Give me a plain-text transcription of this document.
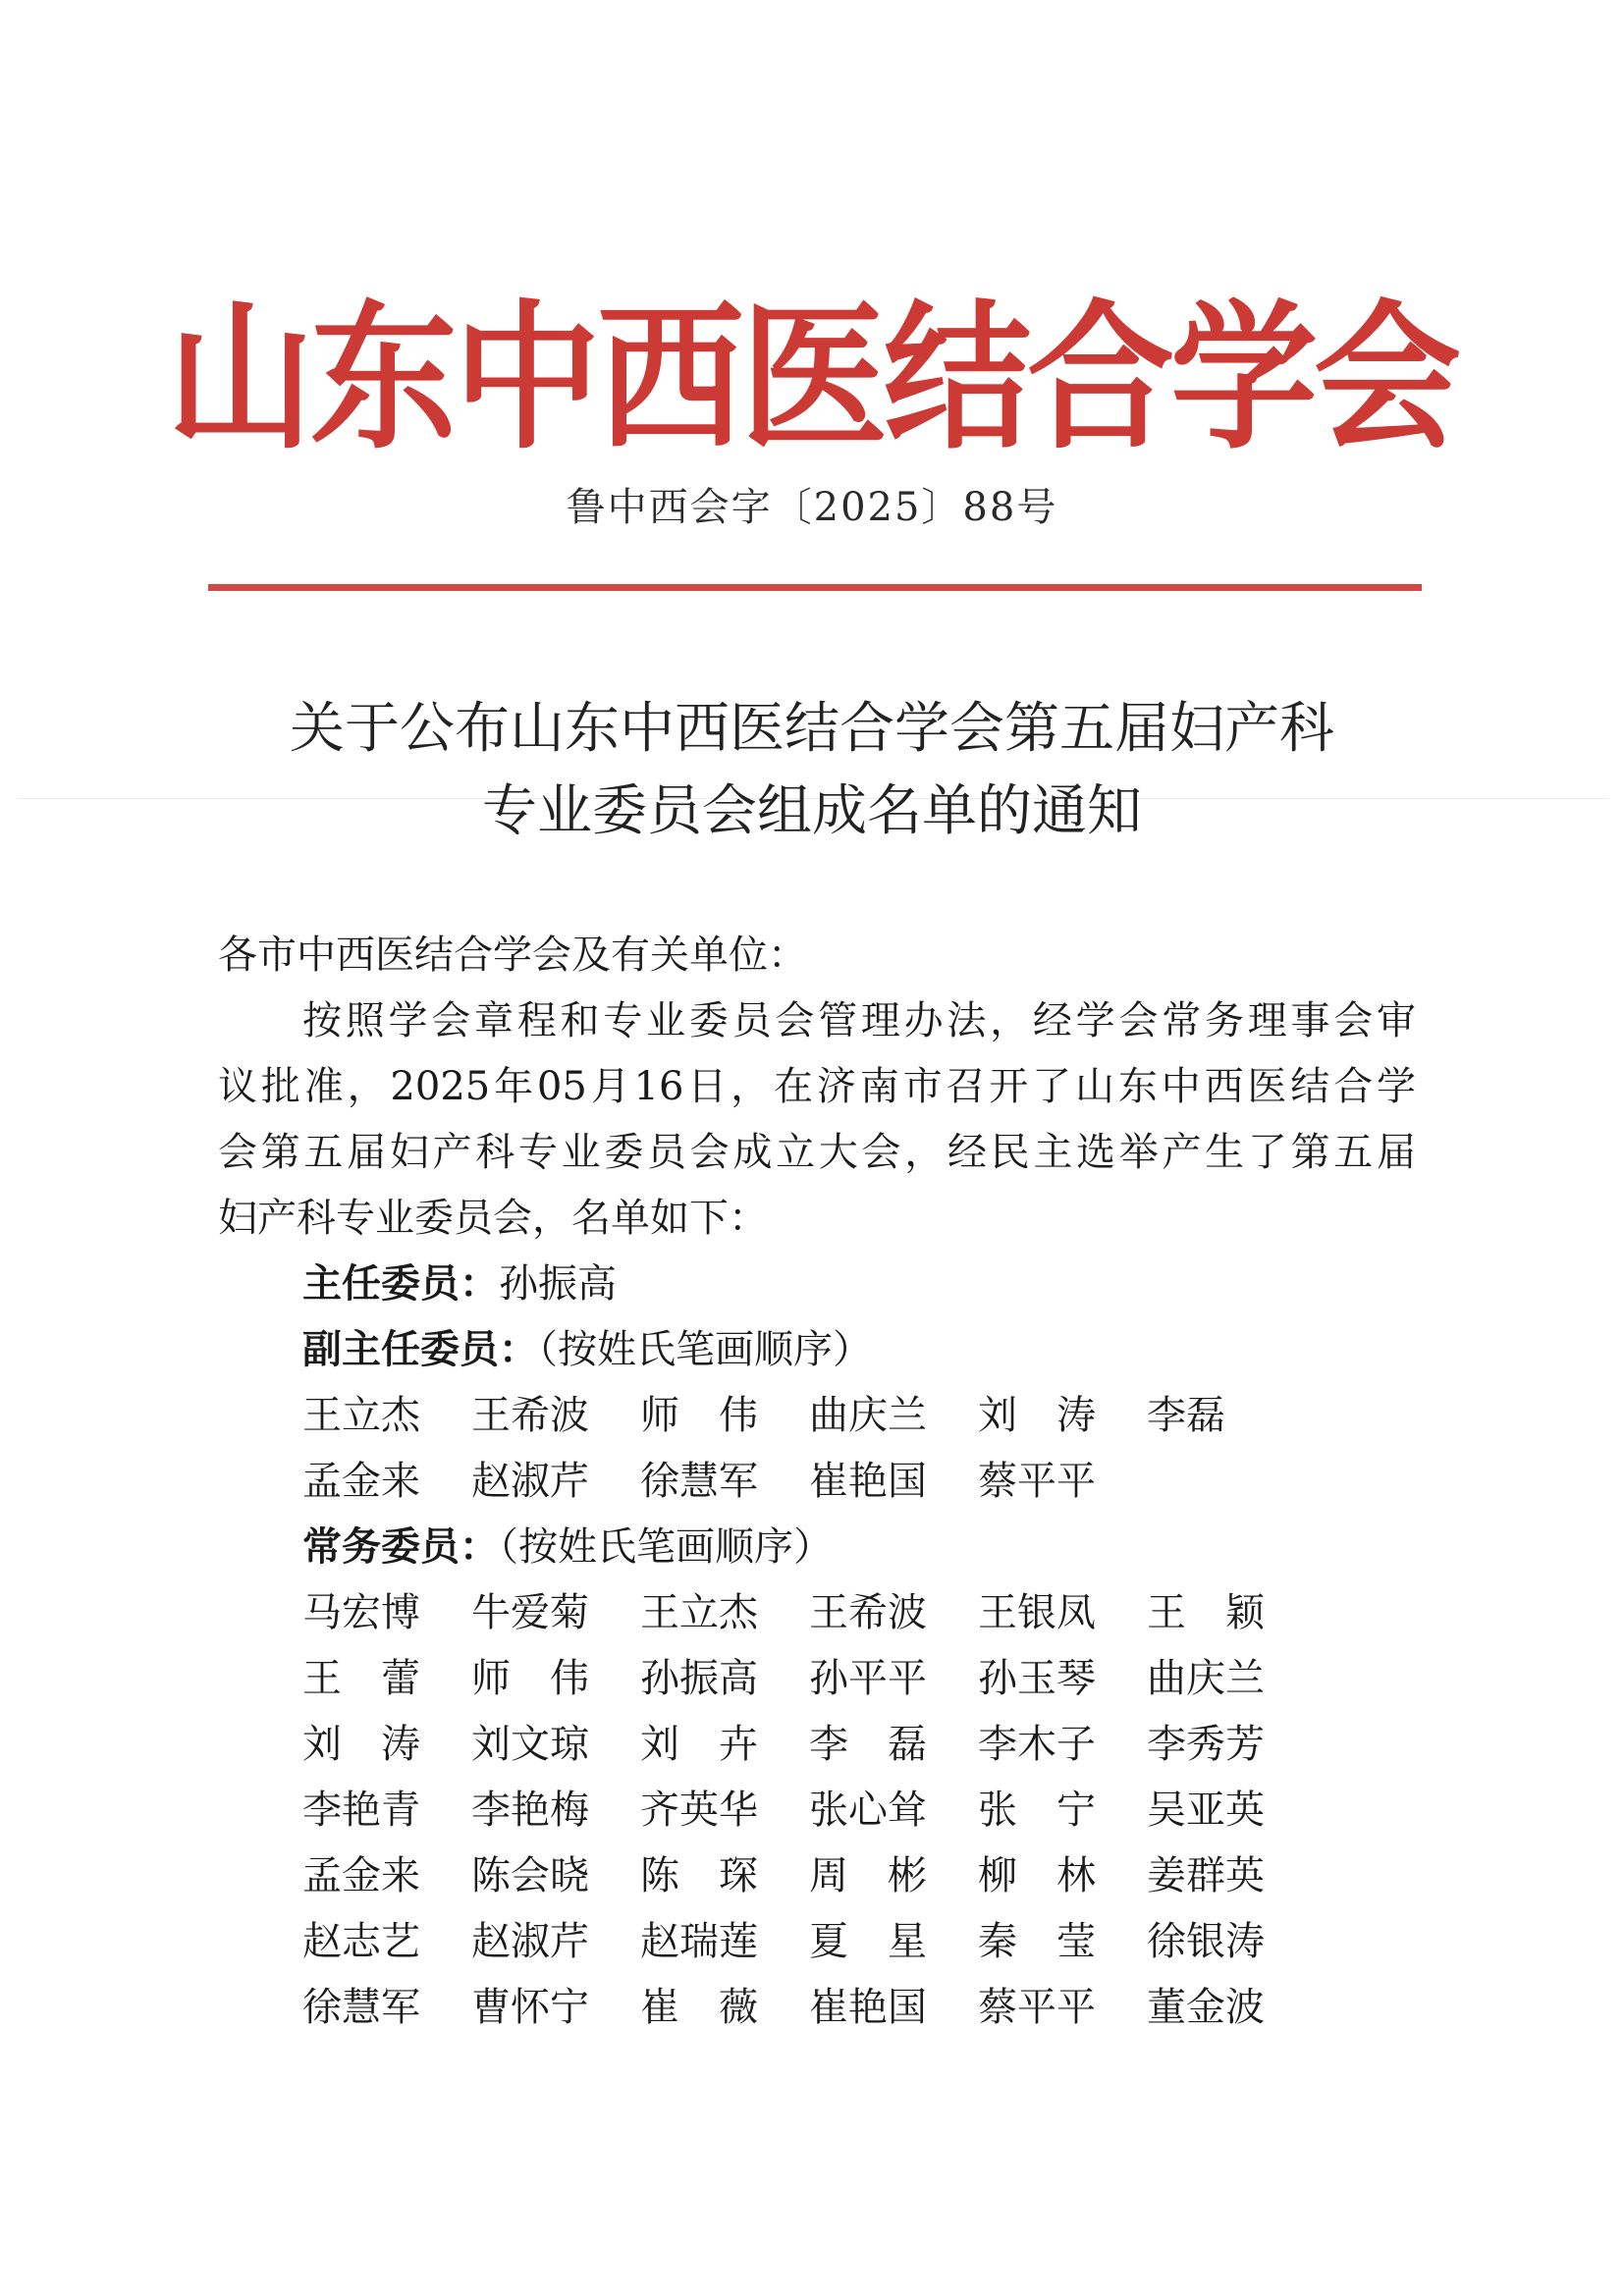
山东中西医结合学会
鲁中西会字〔2025〕88号
关于公布山东中西医结合学会第五届妇产科
专业委员会组成名单的通知
各市中西医结合学会及有关单位：
按照学会章程和专业委员会管理办法，经学会常务理事会审
议批准，2025年05月16日，在济南市召开了山东中西医结合学
会第五届妇产科专业委员会成立大会，经民主选举产生了第五届
妇产科专业委员会，名单如下：
主任委员：孙振高
副主任委员：（按姓氏笔画顺序）
王立杰	王希波	师　伟	曲庆兰	刘　涛	李磊
孟金来	赵淑芹	徐慧军	崔艳国	蔡平平
常务委员：（按姓氏笔画顺序）
马宏博	牛爱菊	王立杰	王希波	王银凤	王　颖
王　蕾	师　伟	孙振高	孙平平	孙玉琴	曲庆兰
刘　涛	刘文琼	刘　卉	李　磊	李木子	李秀芳
李艳青	李艳梅	齐英华	张心耸	张　宁	吴亚英
孟金来	陈会晓	陈　琛	周　彬	柳　林	姜群英
赵志艺	赵淑芹	赵瑞莲	夏　星	秦　莹	徐银涛
徐慧军	曹怀宁	崔　薇	崔艳国	蔡平平	董金波
